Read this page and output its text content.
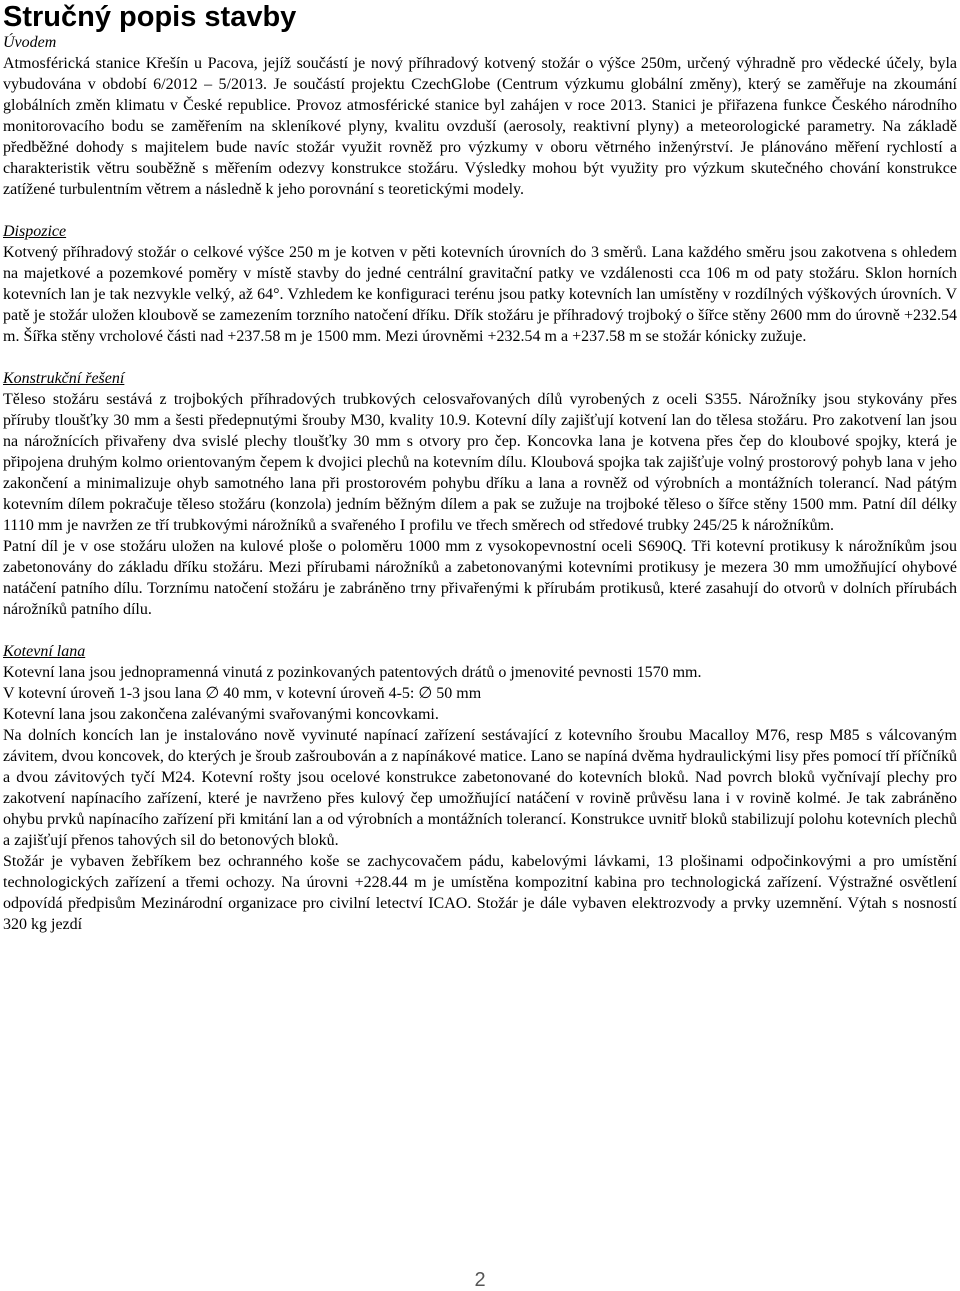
Stručný popis stavby

Úvodem

Atmosférická stanice Křešín u Pacova, jejíž součástí je nový příhradový kotvený stožár o výšce 250m, určený výhradně pro vědecké účely, byla vybudována v období 6/2012 – 5/2013. Je součástí projektu CzechGlobe (Centrum výzkumu globální změny), který se zaměřuje na zkoumání globálních změn klimatu v České republice. Provoz atmosférické stanice byl zahájen v roce 2013. Stanici je přiřazena funkce Českého národního monitorovacího bodu se zaměřením na skleníkové plyny, kvalitu ovzduší (aerosoly, reaktivní plyny) a meteorologické parametry. Na základě předběžné dohody s majitelem bude navíc stožár využit rovněž pro výzkumy v oboru větrného inženýrství. Je plánováno měření rychlostí a charakteristik větru souběžně s měřením odezvy konstrukce stožáru. Výsledky mohou být využity pro výzkum skutečného chování konstrukce zatížené turbulentním větrem a následně k jeho porovnání s teoretickými modely.

Dispozice

Kotvený příhradový stožár o celkové výšce 250 m je kotven v pěti kotevních úrovních do 3 směrů. Lana každého směru jsou zakotvena s ohledem na majetkové a pozemkové poměry v místě stavby do jedné centrální gravitační patky ve vzdálenosti cca 106 m od paty stožáru. Sklon horních kotevních lan je tak nezvykle velký, až 64°. Vzhledem ke konfiguraci terénu jsou patky kotevních lan umístěny v rozdílných výškových úrovních. V patě je stožár uložen kloubově se zamezením torzního natočení dříku. Dřík stožáru je příhradový trojboký o šířce stěny 2600 mm do úrovně +232.54 m. Šířka stěny vrcholové části nad +237.58 m je 1500 mm. Mezi úrovněmi +232.54 m a +237.58 m se stožár kónicky zužuje.

Konstrukční řešení

Těleso stožáru sestává z trojbokých příhradových trubkových celosvařovaných dílů vyrobených z oceli S355. Nárožníky jsou stykovány přes příruby tloušťky 30 mm a šesti předepnutými šrouby M30, kvality 10.9. Kotevní díly zajišťují kotvení lan do tělesa stožáru. Pro zakotvení lan jsou na nárožnících přivařeny dva svislé plechy tloušťky 30 mm s otvory pro čep. Koncovka lana je kotvena přes čep do kloubové spojky, která je připojena druhým kolmo orientovaným čepem k dvojici plechů na kotevním dílu. Kloubová spojka tak zajišťuje volný prostorový pohyb lana v jeho zakončení a minimalizuje ohyb samotného lana při prostorovém pohybu dříku a lana a rovněž od výrobních a montážních tolerancí. Nad pátým kotevním dílem pokračuje těleso stožáru (konzola) jedním běžným dílem a pak se zužuje na trojboké těleso o šířce stěny 1500 mm. Patní díl délky 1110 mm je navržen ze tří trubkovými nárožníků a svařeného I profilu ve třech směrech od středové trubky 245/25 k nárožníkům.

Patní díl je v ose stožáru uložen na kulové ploše o poloměru 1000 mm z vysokopevnostní oceli S690Q. Tři kotevní protikusy k nárožníkům jsou zabetonovány do základu dříku stožáru. Mezi přírubami nárožníků a zabetonovanými kotevními protikusy je mezera 30 mm umožňující ohybové natáčení patního dílu. Torznímu natočení stožáru je zabráněno trny přivařenými k přírubám protikusů, které zasahují do otvorů v dolních přírubách nárožníků patního dílu.

Kotevní lana

Kotevní lana jsou jednopramenná vinutá z pozinkovaných patentových drátů o jmenovité pevnosti 1570 mm.

V kotevní úroveň 1-3 jsou lana ∅ 40 mm, v kotevní úroveň 4-5: ∅ 50 mm

Kotevní lana jsou zakončena zalévanými svařovanými koncovkami.

Na dolních koncích lan je instalováno nově vyvinuté napínací zařízení sestávající z kotevního šroubu Macalloy M76, resp M85 s válcovaným závitem, dvou koncovek, do kterých je šroub zašroubován a z napínákové matice. Lano se napíná dvěma hydraulickými lisy přes pomocí tří příčníků a dvou závitových tyčí M24. Kotevní rošty jsou ocelové konstrukce zabetonované do kotevních bloků. Nad povrch bloků vyčnívají plechy pro zakotvení napínacího zařízení, které je navrženo přes kulový čep umožňující natáčení v rovině průvěsu lana i v rovině kolmé. Je tak zabráněno ohybu prvků napínacího zařízení při kmitání lan a od výrobních a montážních tolerancí. Konstrukce uvnitř bloků stabilizují polohu kotevních plechů a zajišťují přenos tahových sil do betonových bloků.

Stožár je vybaven žebříkem bez ochranného koše se zachycovačem pádu, kabelovými lávkami, 13 plošinami odpočinkovými a pro umístění technologických zařízení a třemi ochozy. Na úrovni +228.44 m je umístěna kompozitní kabina pro technologická zařízení. Výstražné osvětlení odpovídá předpisům Mezinárodní organizace pro civilní letectví ICAO. Stožár je dále vybaven elektrozvody a prvky uzemnění. Výtah s nosností 320 kg jezdí

2
